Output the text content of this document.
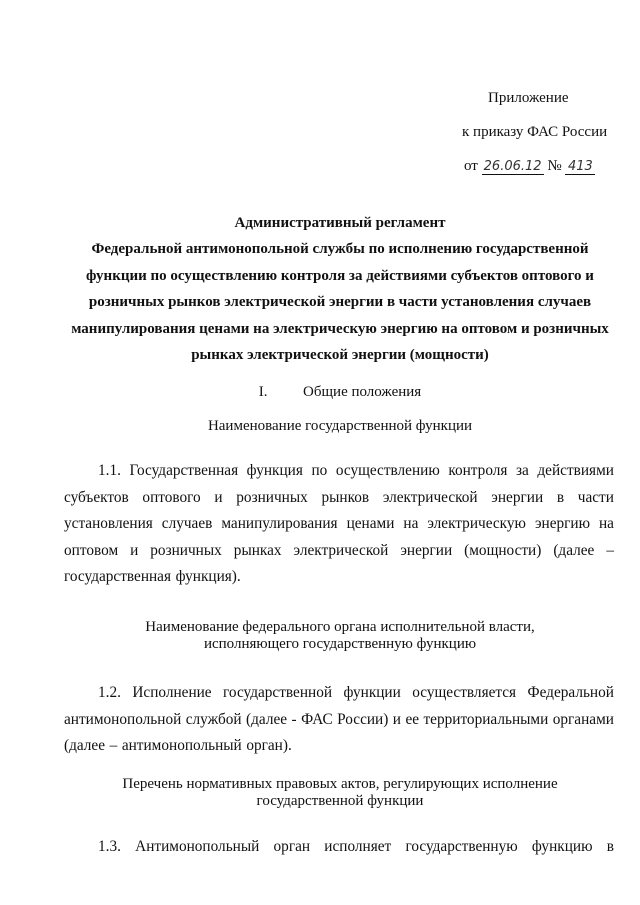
Приложение
к приказу ФАС России
от 26.06.12 № 413
Административный регламент
Федеральной антимонопольной службы по исполнению государственной
функции по осуществлению контроля за действиями субъектов оптового и
розничных рынков электрической энергии в части установления случаев
манипулирования ценами на электрическую энергию на оптовом и розничных
рынках электрической энергии (мощности)
I. Общие положения
Наименование государственной функции
1.1. Государственная функция по осуществлению контроля за действиями
субъектов оптового и розничных рынков электрической энергии в части
установления случаев манипулирования ценами на электрическую энергию на
оптовом и розничных рынках электрической энергии (мощности) (далее –
государственная функция).
Наименование федерального органа исполнительной власти,
исполняющего государственную функцию
1.2. Исполнение государственной функции осуществляется Федеральной
антимонопольной службой (далее - ФАС России) и ее территориальными органами
(далее – антимонопольный орган).
Перечень нормативных правовых актов, регулирующих исполнение
государственной функции
1.3. Антимонопольный орган исполняет государственную функцию в
